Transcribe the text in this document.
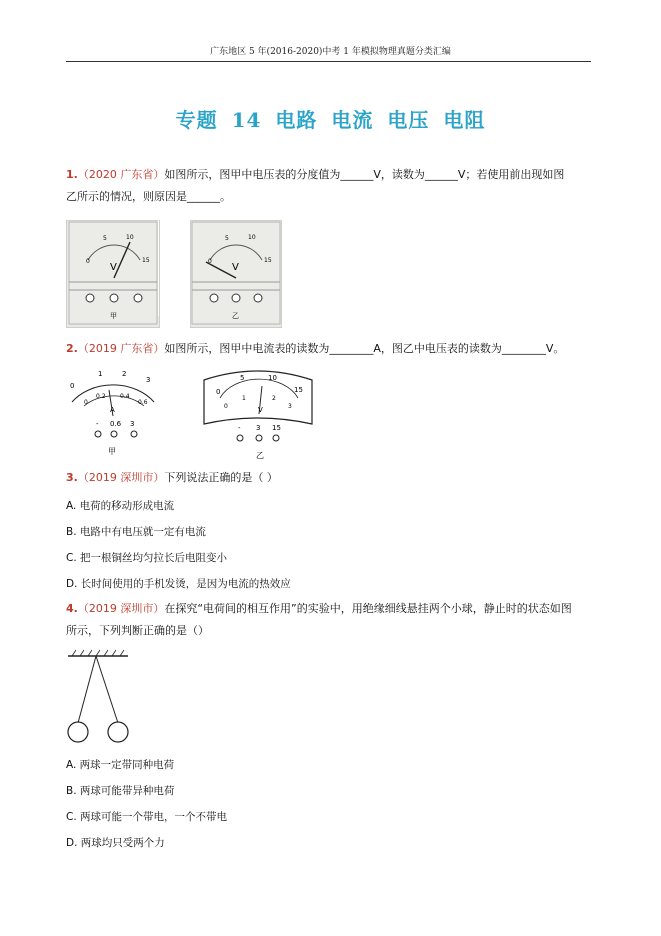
广东地区 5 年(2016-2020)中考 1 年模拟物理真题分类汇编
专题 14 电路 电流 电压 电阻
1.（2020 广东省）如图所示，图甲中电压表的分度值为______V，读数为______V；若使用前出现如图
乙所示的情况，则原因是______。
0
5	10
15
V
甲
0
5	10
15
V
乙
2.（2019 广东省）如图所示，图甲中电流表的读数为________A，图乙中电压表的读数为________V。
0
1	2
3
0
0.2 0.4
0.6
A
- 0.6 3
甲
0
5	10
15
0
1	2
3
V
- 3 15
乙
3.（2019 深圳市）下列说法正确的是（ ）
A. 电荷的移动形成电流
B. 电路中有电压就一定有电流
C. 把一根铜丝均匀拉长后电阻变小
D. 长时间使用的手机发烫，是因为电流的热效应
4.（2019 深圳市）在探究“电荷间的相互作用”的实验中，用绝缘细线悬挂两个小球，静止时的状态如图
所示，下列判断正确的是（）
A. 两球一定带同种电荷
B. 两球可能带异种电荷
C. 两球可能一个带电，一个不带电
D. 两球均只受两个力
